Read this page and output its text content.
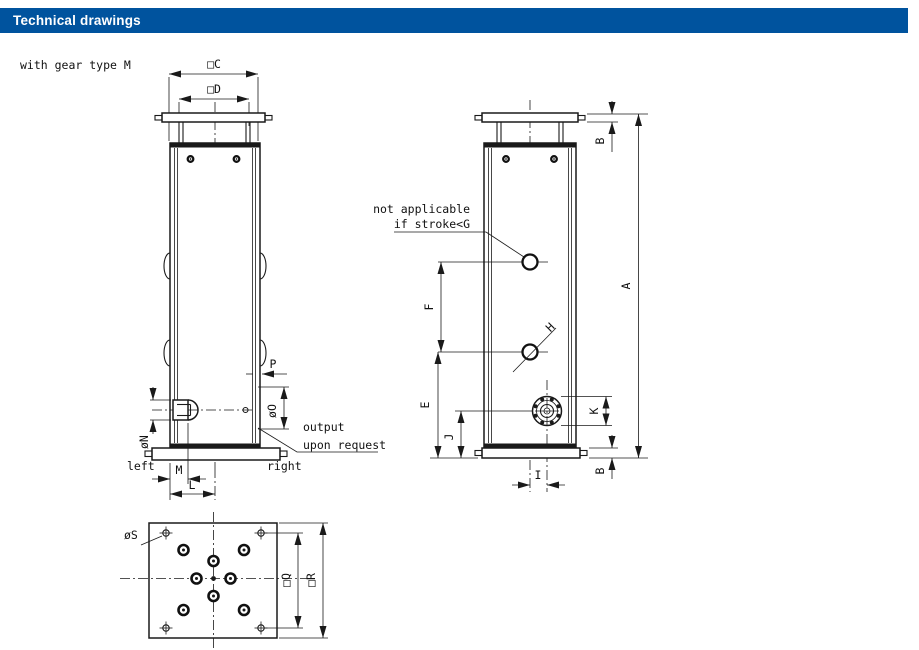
Technical drawings
with gear type M	□C
□D
øN
P
øO
output
upon request
left	right
M
L
not applicable
if stroke<G
F
H
E
J
K
I
B
B
A
øS
□Q □R
